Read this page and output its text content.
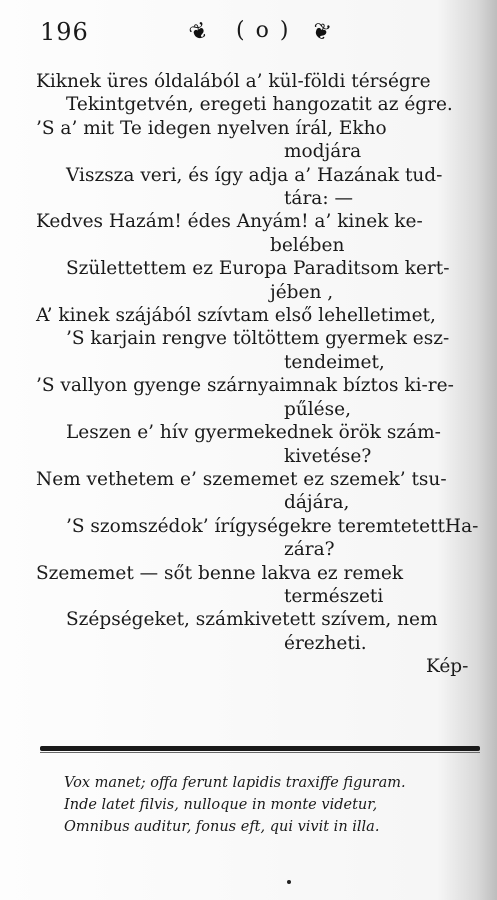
196	❦ ( o ) ❦
Kiknek üres óldalából a’ kül-földi térségre
Tekintgetvén, eregeti hangozatit az égre.
’S a’ mit Te idegen nyelven írál, Ekho
modjára
Viszsza veri, és így adja a’ Hazának tud-
tára: —
Kedves Hazám! édes Anyám! a’ kinek ke-
belében
Születtettem ez Europa Paraditsom kert-
jében ,
A’ kinek szájából szívtam első lehelletimet,
’S karjain rengve töltöttem gyermek esz-
tendeimet,
’S vallyon gyenge szárnyaimnak bíztos ki-re-
pűlése,
Leszen e’ hív gyermekednek örök szám-
kivetése?
Nem vethetem e’ szememet ez szemek’ tsu-
dájára,
’S szomszédok’ írígységekre teremtetettHa-
zára?
Szememet — sőt benne lakva ez remek
természeti
Szépségeket, számkivetett szívem, nem
érezheti.
Kép-
Vox manet; offa ferunt lapidis traxiffe figuram.
Inde latet filvis, nulloque in monte videtur,
Omnibus auditur, fonus eft, qui vivit in illa.
